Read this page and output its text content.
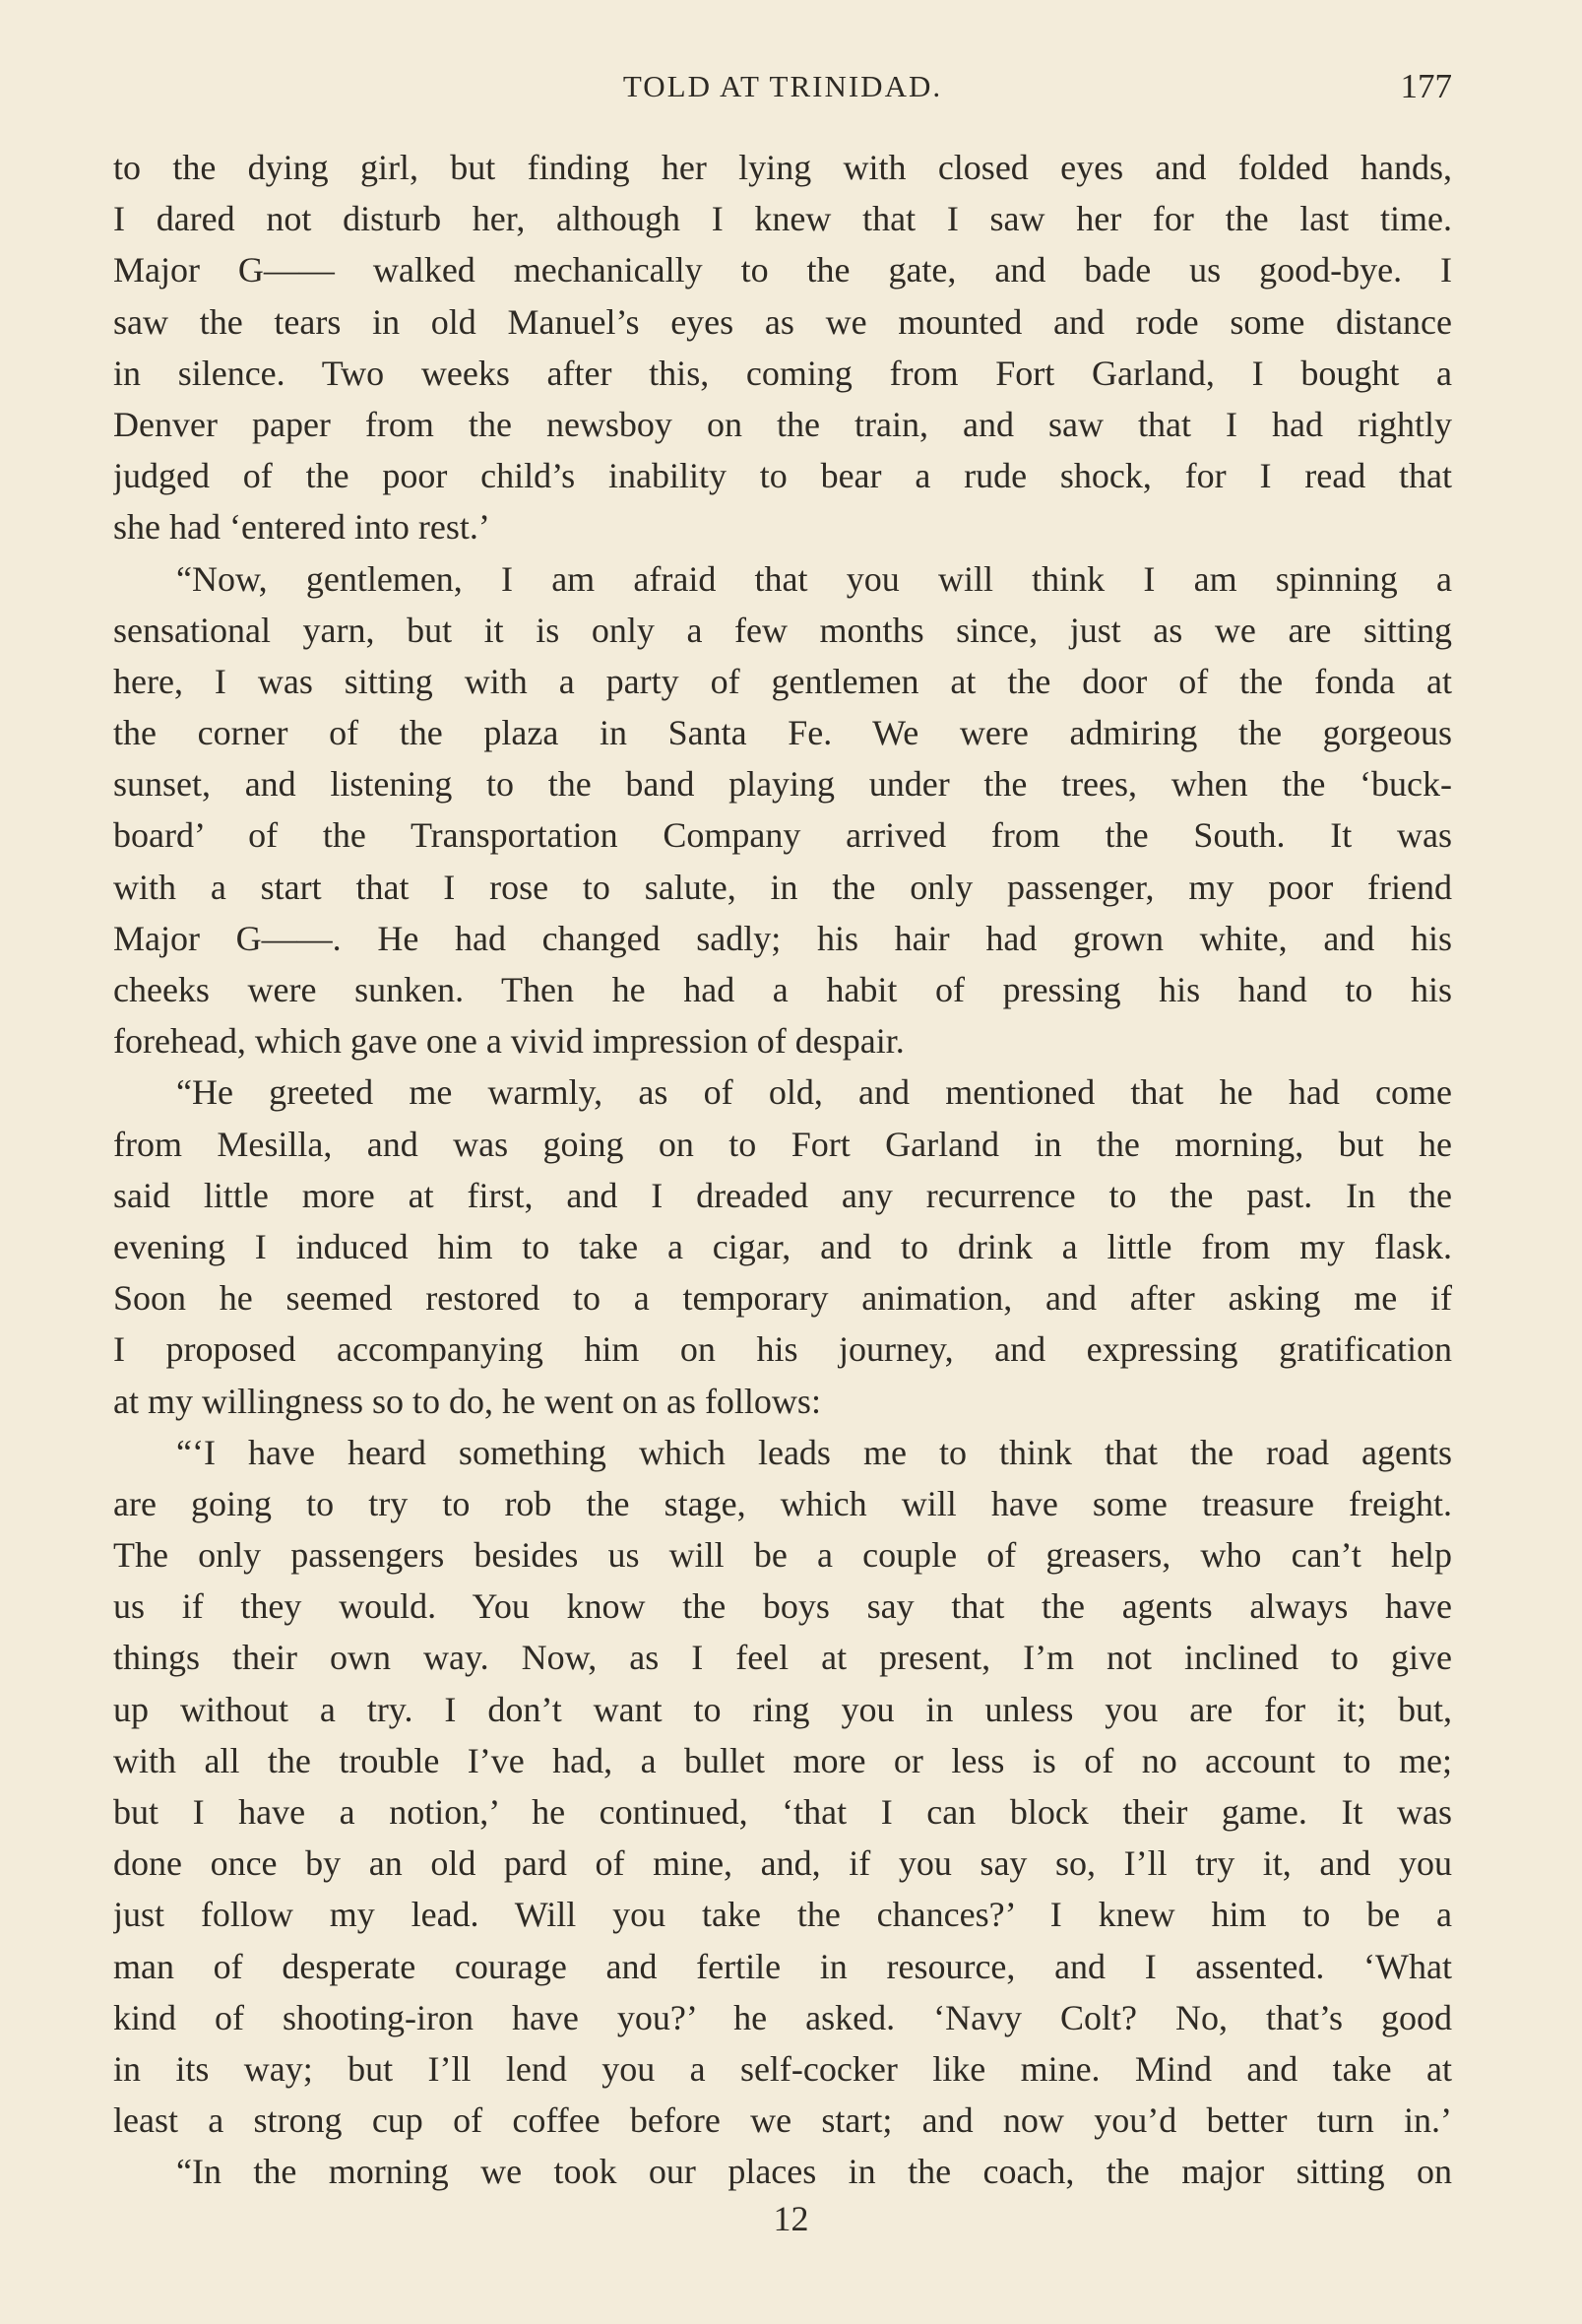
TOLD AT TRINIDAD.	177
to the dying girl, but finding her lying with closed eyes and folded hands,
I dared not disturb her, although I knew that I saw her for the last time.
Major G—— walked mechanically to the gate, and bade us good-bye. I
saw the tears in old Manuel’s eyes as we mounted and rode some distance
in silence. Two weeks after this, coming from Fort Garland, I bought a
Denver paper from the newsboy on the train, and saw that I had rightly
judged of the poor child’s inability to bear a rude shock, for I read that
she had ‘entered into rest.’
“Now, gentlemen, I am afraid that you will think I am spinning a
sensational yarn, but it is only a few months since, just as we are sitting
here, I was sitting with a party of gentlemen at the door of the fonda at
the corner of the plaza in Santa Fe. We were admiring the gorgeous
sunset, and listening to the band playing under the trees, when the ‘buck-
board’ of the Transportation Company arrived from the South. It was
with a start that I rose to salute, in the only passenger, my poor friend
Major G——. He had changed sadly; his hair had grown white, and his
cheeks were sunken. Then he had a habit of pressing his hand to his
forehead, which gave one a vivid impression of despair.
“He greeted me warmly, as of old, and mentioned that he had come
from Mesilla, and was going on to Fort Garland in the morning, but he
said little more at first, and I dreaded any recurrence to the past. In the
evening I induced him to take a cigar, and to drink a little from my flask.
Soon he seemed restored to a temporary animation, and after asking me if
I proposed accompanying him on his journey, and expressing gratification
at my willingness so to do, he went on as follows:
“‘I have heard something which leads me to think that the road agents
are going to try to rob the stage, which will have some treasure freight.
The only passengers besides us will be a couple of greasers, who can’t help
us if they would. You know the boys say that the agents always have
things their own way. Now, as I feel at present, I’m not inclined to give
up without a try. I don’t want to ring you in unless you are for it; but,
with all the trouble I’ve had, a bullet more or less is of no account to me;
but I have a notion,’ he continued, ‘that I can block their game. It was
done once by an old pard of mine, and, if you say so, I’ll try it, and you
just follow my lead. Will you take the chances?’ I knew him to be a
man of desperate courage and fertile in resource, and I assented. ‘What
kind of shooting-iron have you?’ he asked. ‘Navy Colt? No, that’s good
in its way; but I’ll lend you a self-cocker like mine. Mind and take at
least a strong cup of coffee before we start; and now you’d better turn in.’
“In the morning we took our places in the coach, the major sitting on
12
